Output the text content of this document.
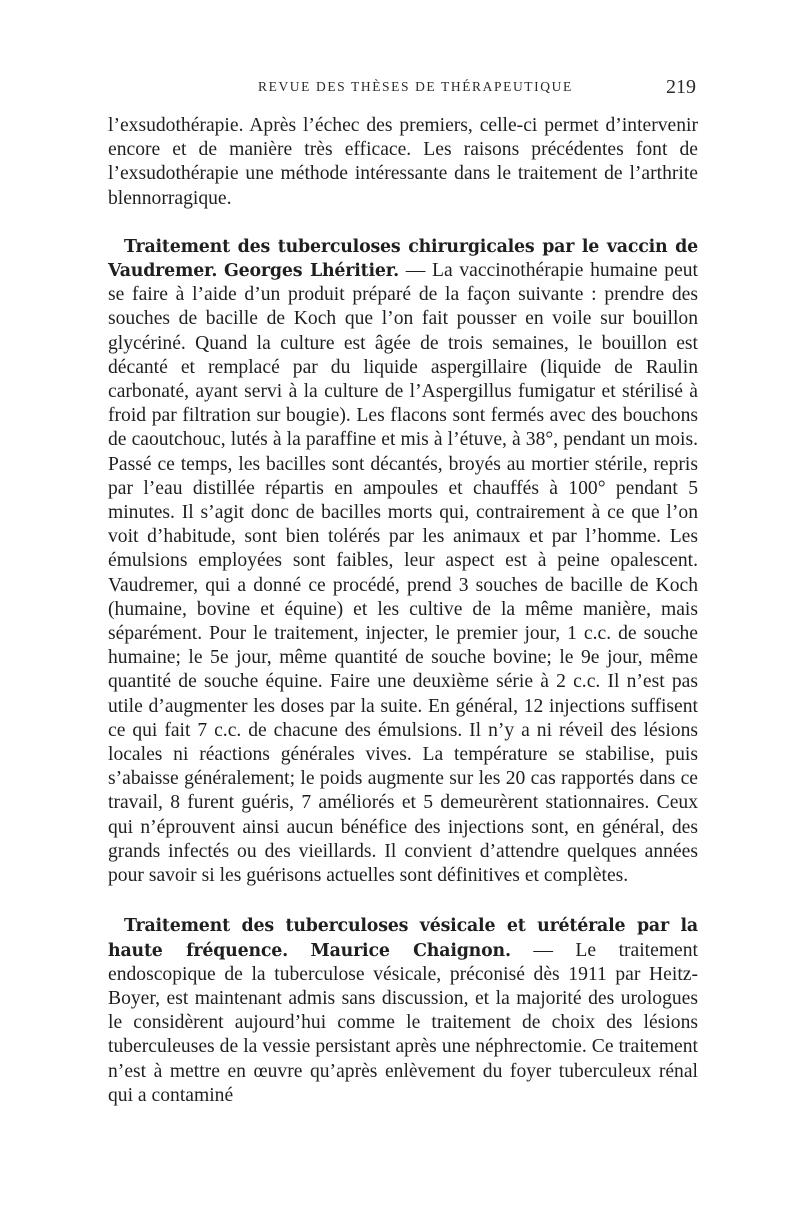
REVUE DES THÈSES DE THÉRAPEUTIQUE	219

l’exsudothérapie. Après l’échec des premiers, celle-ci permet d’intervenir encore et de manière très efficace. Les raisons précédentes font de l’exsudothérapie une méthode intéressante dans le traitement de l’arthrite blennorragique.

Traitement des tuberculoses chirurgicales par le vaccin de Vaudremer. Georges Lhéritier. — La vaccinothérapie humaine peut se faire à l’aide d’un produit préparé de la façon suivante : prendre des souches de bacille de Koch que l’on fait pousser en voile sur bouillon glycériné. Quand la culture est âgée de trois semaines, le bouillon est décanté et remplacé par du liquide aspergillaire (liquide de Raulin carbonaté, ayant servi à la culture de l’Aspergillus fumigatur et stérilisé à froid par filtration sur bougie). Les flacons sont fermés avec des bouchons de caoutchouc, lutés à la paraffine et mis à l’étuve, à 38°, pendant un mois. Passé ce temps, les bacilles sont décantés, broyés au mortier stérile, repris par l’eau distillée répartis en ampoules et chauffés à 100° pendant 5 minutes. Il s’agit donc de bacilles morts qui, contrairement à ce que l’on voit d’habitude, sont bien tolérés par les animaux et par l’homme. Les émulsions employées sont faibles, leur aspect est à peine opalescent. Vaudremer, qui a donné ce procédé, prend 3 souches de bacille de Koch (humaine, bovine et équine) et les cultive de la même manière, mais séparément. Pour le traitement, injecter, le premier jour, 1 c.c. de souche humaine; le 5e jour, même quantité de souche bovine; le 9e jour, même quantité de souche équine. Faire une deuxième série à 2 c.c. Il n’est pas utile d’augmenter les doses par la suite. En général, 12 injections suffisent ce qui fait 7 c.c. de chacune des émulsions. Il n’y a ni réveil des lésions locales ni réactions générales vives. La température se stabilise, puis s’abaisse généralement; le poids augmente sur les 20 cas rapportés dans ce travail, 8 furent guéris, 7 améliorés et 5 demeurèrent stationnaires. Ceux qui n’éprouvent ainsi aucun bénéfice des injections sont, en général, des grands infectés ou des vieillards. Il convient d’attendre quelques années pour savoir si les guérisons actuelles sont définitives et complètes.

Traitement des tuberculoses vésicale et urétérale par la haute fréquence. Maurice Chaignon. — Le traitement endoscopique de la tuberculose vésicale, préconisé dès 1911 par Heitz-Boyer, est maintenant admis sans discussion, et la majorité des urologues le considèrent aujourd’hui comme le traitement de choix des lésions tuberculeuses de la vessie persistant après une néphrectomie. Ce traitement n’est à mettre en œuvre qu’après enlèvement du foyer tuberculeux rénal qui a contaminé
